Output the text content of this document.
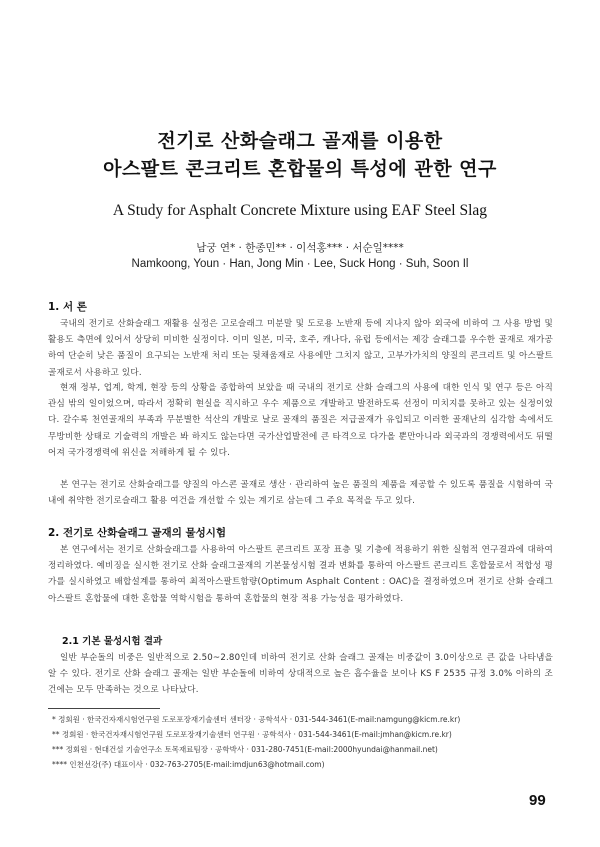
전기로 산화슬래그 골재를 이용한
아스팔트 콘크리트 혼합물의 특성에 관한 연구
A Study for Asphalt Concrete Mixture using EAF Steel Slag
남궁 연* · 한종민** · 이석홍*** · 서순일****
Namkoong, Youn · Han, Jong Min · Lee, Suck Hong · Suh, Soon Il
1. 서 론

국내의 전기로 산화슬래그 재활용 실정은 고로슬래그 미분말 및 도로용 노반재 등에 지나지 않아 외국에 비하여 그 사용 방법 및 활용도 측면에 있어서 상당히 미비한 실정이다. 이미 일본, 미국, 호주, 캐나다, 유럽 등에서는 제강 슬래그를 우수한 골재로 재가공하여 단순히 낮은 품질이 요구되는 노반재 처리 또는 뒷채움재로 사용에만 그치지 않고, 고부가가치의 양질의 콘크리트 및 아스팔트 골재로서 사용하고 있다.

현재 정부, 업계, 학계, 현장 등의 상황을 종합하여 보았을 때 국내의 전기로 산화 슬래그의 사용에 대한 인식 및 연구 등은 아직 관심 밖의 일이었으며, 따라서 정확히 현실을 직시하고 우수 제품으로 개발하고 발전하도록 선정이 미치지를 못하고 있는 실정이었다. 갈수록 천연골재의 부족과 무분별한 석산의 개발로 날로 골재의 품질은 저급골재가 유입되고 이러한 골재난의 심각함 속에서도 무방비한 상태로 기술력의 개발은 봐 하지도 않는다면 국가산업발전에 큰 타격으로 다가올 뿐만아니라 외국과의 경쟁력에서도 뒤떨어져 국가경쟁력에 위신을 저해하게 될 수 있다.

본 연구는 전기로 산화슬래그를 양질의 아스콘 골재로 생산 · 관리하여 높은 품질의 제품을 제공할 수 있도록 품질을 시험하여 국내에 취약한 전기로슬래그 활용 여건을 개선할 수 있는 계기로 삼는데 그 주요 목적을 두고 있다.

2. 전기로 산화슬래그 골재의 물성시험

본 연구에서는 전기로 산화슬래그를 사용하여 아스팔트 콘크리트 포장 표층 및 기층에 적용하기 위한 실험적 연구결과에 대하여 정리하였다. 예비징을 실시한 전기로 산화 슬래그골재의 기본물성시험 결과 변화를 통하여 아스팔트 콘크리트 혼합물로서 적합성 평가를 실시하였고 배합설계를 통하여 최적아스팔트함량(Optimum Asphalt Content : OAC)을 결정하였으며 전기로 산화 슬래그 아스팔트 혼합물에 대한 혼합물 역학시험을 통하여 혼합물의 현장 적용 가능성을 평가하였다.

2.1 기본 물성시험 결과

일반 부순돌의 비중은 일반적으로 2.50~2.80인데 비하여 전기로 산화 슬래그 골재는 비중값이 3.0이상으로 큰 값을 나타냄을 알 수 있다. 전기로 산화 슬래그 골재는 일반 부순돌에 비하여 상대적으로 높은 흡수율을 보이나 KS F 2535 규정 3.0% 이하의 조건에는 모두 만족하는 것으로 나타났다.

* 정회원 · 한국건자재시험연구원 도로포장재기술센터 센터장 · 공학석사 · 031-544-3461(E-mail:namgung@kicm.re.kr)
** 정회원 · 한국건자재시험연구원 도로포장재기술센터 연구원 · 공학석사 · 031-544-3461(E-mail:jmhan@kicm.re.kr)
*** 정회원 · 현대건설 기술연구소 토목재료팀장 · 공학박사 · 031-280-7451(E-mail:2000hyundai@hanmail.net)
**** 인천선강(주) 대표이사 · 032-763-2705(E-mail:imdjun63@hotmail.com)
99
